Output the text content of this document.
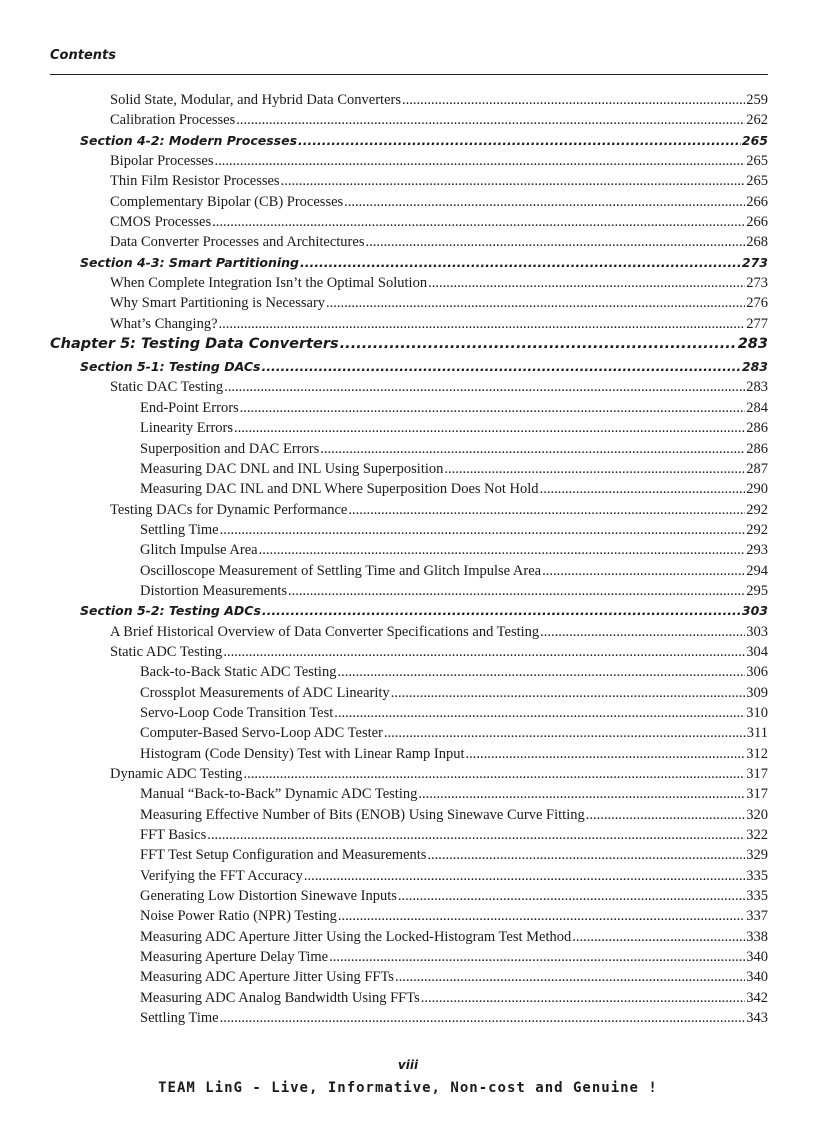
Contents
Solid State, Modular, and Hybrid Data Converters .....	259
Calibration Processes .....	262
Section 4-2: Modern Processes .....	265
Bipolar Processes .....	265
Thin Film Resistor Processes .....	265
Complementary Bipolar (CB) Processes .....	266
CMOS Processes .....	266
Data Converter Processes and Architectures .....	268
Section 4-3: Smart Partitioning .....	273
When Complete Integration Isn’t the Optimal Solution .....	273
Why Smart Partitioning is Necessary .....	276
What’s Changing? .....	277
Chapter 5: Testing Data Converters .....	283
Section 5-1: Testing DACs .....	283
Static DAC Testing .....	283
End-Point Errors .....	284
Linearity Errors .....	286
Superposition and DAC Errors .....	286
Measuring DAC DNL and INL Using Superposition .....	287
Measuring DAC INL and DNL Where Superposition Does Not Hold .....	290
Testing DACs for Dynamic Performance .....	292
Settling Time .....	292
Glitch Impulse Area .....	293
Oscilloscope Measurement of Settling Time and Glitch Impulse Area .....	294
Distortion Measurements .....	295
Section 5-2: Testing ADCs .....	303
A Brief Historical Overview of Data Converter Specifications and Testing .....	303
Static ADC Testing .....	304
Back-to-Back Static ADC Testing .....	306
Crossplot Measurements of ADC Linearity .....	309
Servo-Loop Code Transition Test .....	310
Computer-Based Servo-Loop ADC Tester .....	311
Histogram (Code Density) Test with Linear Ramp Input .....	312
Dynamic ADC Testing .....	317
Manual “Back-to-Back” Dynamic ADC Testing .....	317
Measuring Effective Number of Bits (ENOB) Using Sinewave Curve Fitting .....	320
FFT Basics .....	322
FFT Test Setup Configuration and Measurements .....	329
Verifying the FFT Accuracy .....	335
Generating Low Distortion Sinewave Inputs .....	335
Noise Power Ratio (NPR) Testing .....	337
Measuring ADC Aperture Jitter Using the Locked-Histogram Test Method .....	338
Measuring Aperture Delay Time .....	340
Measuring ADC Aperture Jitter Using FFTs .....	340
Measuring ADC Analog Bandwidth Using FFTs .....	342
Settling Time .....	343
viii
TEAM LinG - Live, Informative, Non-cost and Genuine !
